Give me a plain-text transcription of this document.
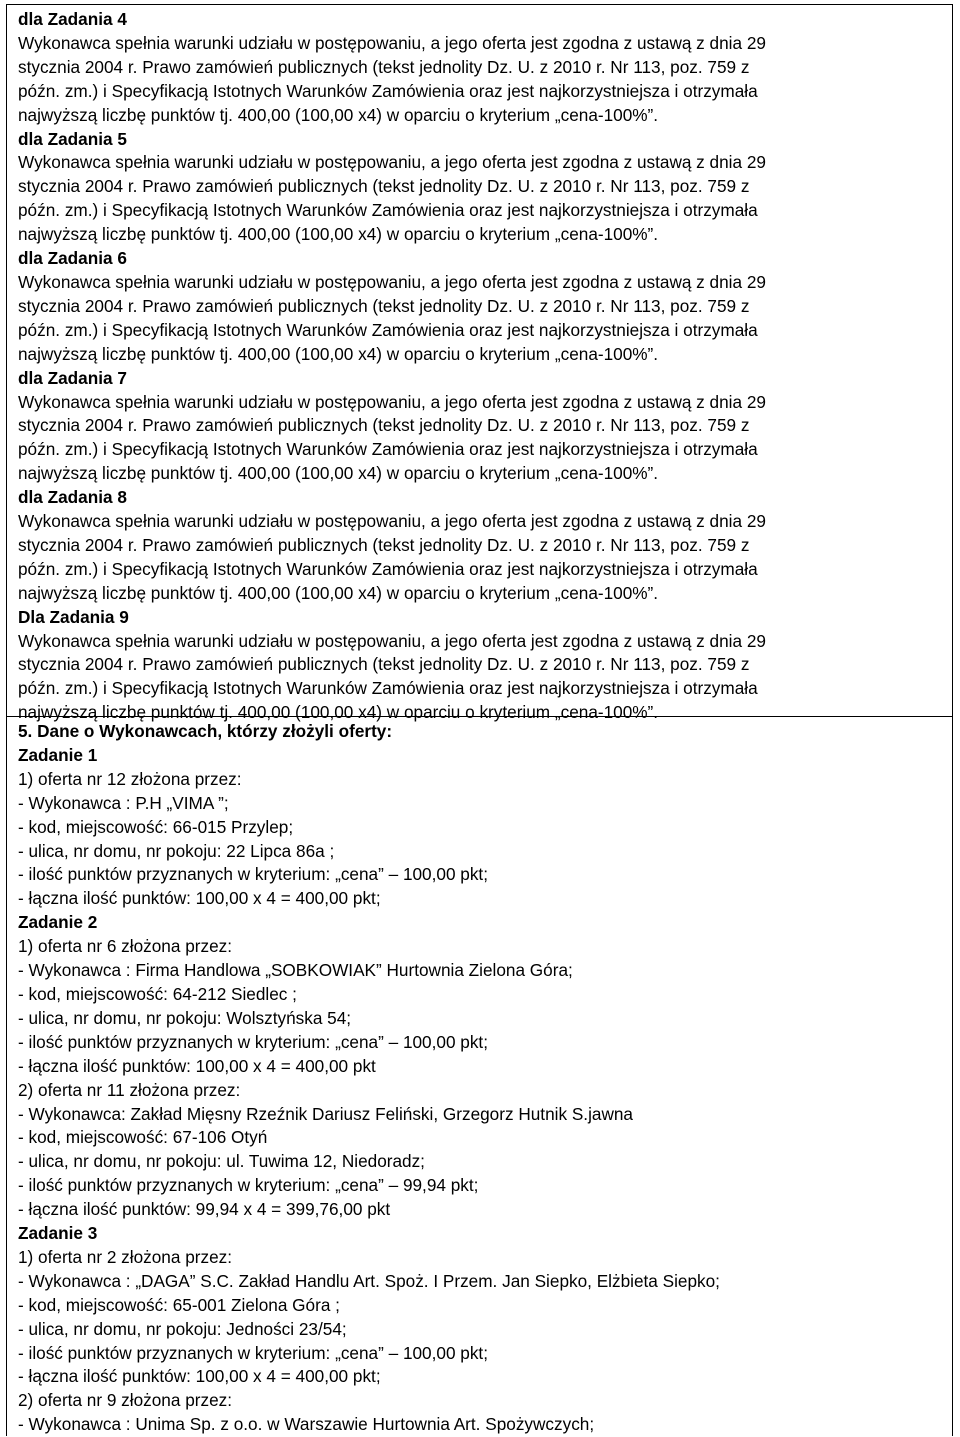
dla Zadania 4
Wykonawca spełnia warunki udziału w postępowaniu, a jego oferta jest zgodna z ustawą z dnia 29
stycznia 2004 r. Prawo zamówień publicznych (tekst jednolity Dz. U. z 2010 r. Nr 113, poz. 759 z
późn. zm.) i Specyfikacją Istotnych Warunków Zamówienia oraz jest najkorzystniejsza i otrzymała
najwyższą liczbę punktów tj. 400,00 (100,00 x4) w oparciu o kryterium „cena-100%”.
dla Zadania 5
Wykonawca spełnia warunki udziału w postępowaniu, a jego oferta jest zgodna z ustawą z dnia 29
stycznia 2004 r. Prawo zamówień publicznych (tekst jednolity Dz. U. z 2010 r. Nr 113, poz. 759 z
późn. zm.) i Specyfikacją Istotnych Warunków Zamówienia oraz jest najkorzystniejsza i otrzymała
najwyższą liczbę punktów tj. 400,00 (100,00 x4) w oparciu o kryterium „cena-100%”.
dla Zadania 6
Wykonawca spełnia warunki udziału w postępowaniu, a jego oferta jest zgodna z ustawą z dnia 29
stycznia 2004 r. Prawo zamówień publicznych (tekst jednolity Dz. U. z 2010 r. Nr 113, poz. 759 z
późn. zm.) i Specyfikacją Istotnych Warunków Zamówienia oraz jest najkorzystniejsza i otrzymała
najwyższą liczbę punktów tj. 400,00 (100,00 x4) w oparciu o kryterium „cena-100%”.
dla Zadania 7
Wykonawca spełnia warunki udziału w postępowaniu, a jego oferta jest zgodna z ustawą z dnia 29
stycznia 2004 r. Prawo zamówień publicznych (tekst jednolity Dz. U. z 2010 r. Nr 113, poz. 759 z
późn. zm.) i Specyfikacją Istotnych Warunków Zamówienia oraz jest najkorzystniejsza i otrzymała
najwyższą liczbę punktów tj. 400,00 (100,00 x4) w oparciu o kryterium „cena-100%”.
dla Zadania 8
Wykonawca spełnia warunki udziału w postępowaniu, a jego oferta jest zgodna z ustawą z dnia 29
stycznia 2004 r. Prawo zamówień publicznych (tekst jednolity Dz. U. z 2010 r. Nr 113, poz. 759 z
późn. zm.) i Specyfikacją Istotnych Warunków Zamówienia oraz jest najkorzystniejsza i otrzymała
najwyższą liczbę punktów tj. 400,00 (100,00 x4) w oparciu o kryterium „cena-100%”.
Dla Zadania 9
Wykonawca spełnia warunki udziału w postępowaniu, a jego oferta jest zgodna z ustawą z dnia 29
stycznia 2004 r. Prawo zamówień publicznych (tekst jednolity Dz. U. z 2010 r. Nr 113, poz. 759 z
późn. zm.) i Specyfikacją Istotnych Warunków Zamówienia oraz jest najkorzystniejsza i otrzymała
najwyższą liczbę punktów tj. 400,00 (100,00 x4) w oparciu o kryterium „cena-100%”.
5. Dane o Wykonawcach, którzy złożyli oferty:
Zadanie 1
1) oferta nr 12 złożona przez:
- Wykonawca : P.H „VIMA ”;
- kod, miejscowość: 66-015 Przylep;
- ulica, nr domu, nr pokoju: 22 Lipca 86a ;
- ilość punktów przyznanych w kryterium: „cena” – 100,00 pkt;
- łączna ilość punktów: 100,00 x 4 = 400,00 pkt;
Zadanie 2
1) oferta nr 6 złożona przez:
- Wykonawca : Firma Handlowa „SOBKOWIAK” Hurtownia Zielona Góra;
- kod, miejscowość: 64-212 Siedlec ;
- ulica, nr domu, nr pokoju: Wolsztyńska 54;
- ilość punktów przyznanych w kryterium: „cena” – 100,00 pkt;
- łączna ilość punktów: 100,00 x 4 = 400,00 pkt
2) oferta nr 11 złożona przez:
- Wykonawca: Zakład Mięsny Rzeźnik Dariusz Feliński, Grzegorz Hutnik S.jawna
- kod, miejscowość: 67-106 Otyń
- ulica, nr domu, nr pokoju: ul. Tuwima 12, Niedoradz;
- ilość punktów przyznanych w kryterium: „cena” – 99,94 pkt;
- łączna ilość punktów: 99,94 x 4 = 399,76,00 pkt
Zadanie 3
1) oferta nr 2 złożona przez:
- Wykonawca : „DAGA” S.C. Zakład Handlu Art. Spoż. I Przem. Jan Siepko, Elżbieta Siepko;
- kod, miejscowość: 65-001 Zielona Góra ;
- ulica, nr domu, nr pokoju: Jedności 23/54;
- ilość punktów przyznanych w kryterium: „cena” – 100,00 pkt;
- łączna ilość punktów: 100,00 x 4 = 400,00 pkt;
2) oferta nr 9 złożona przez:
- Wykonawca : Unima Sp. z o.o. w Warszawie Hurtownia Art. Spożywczych;
